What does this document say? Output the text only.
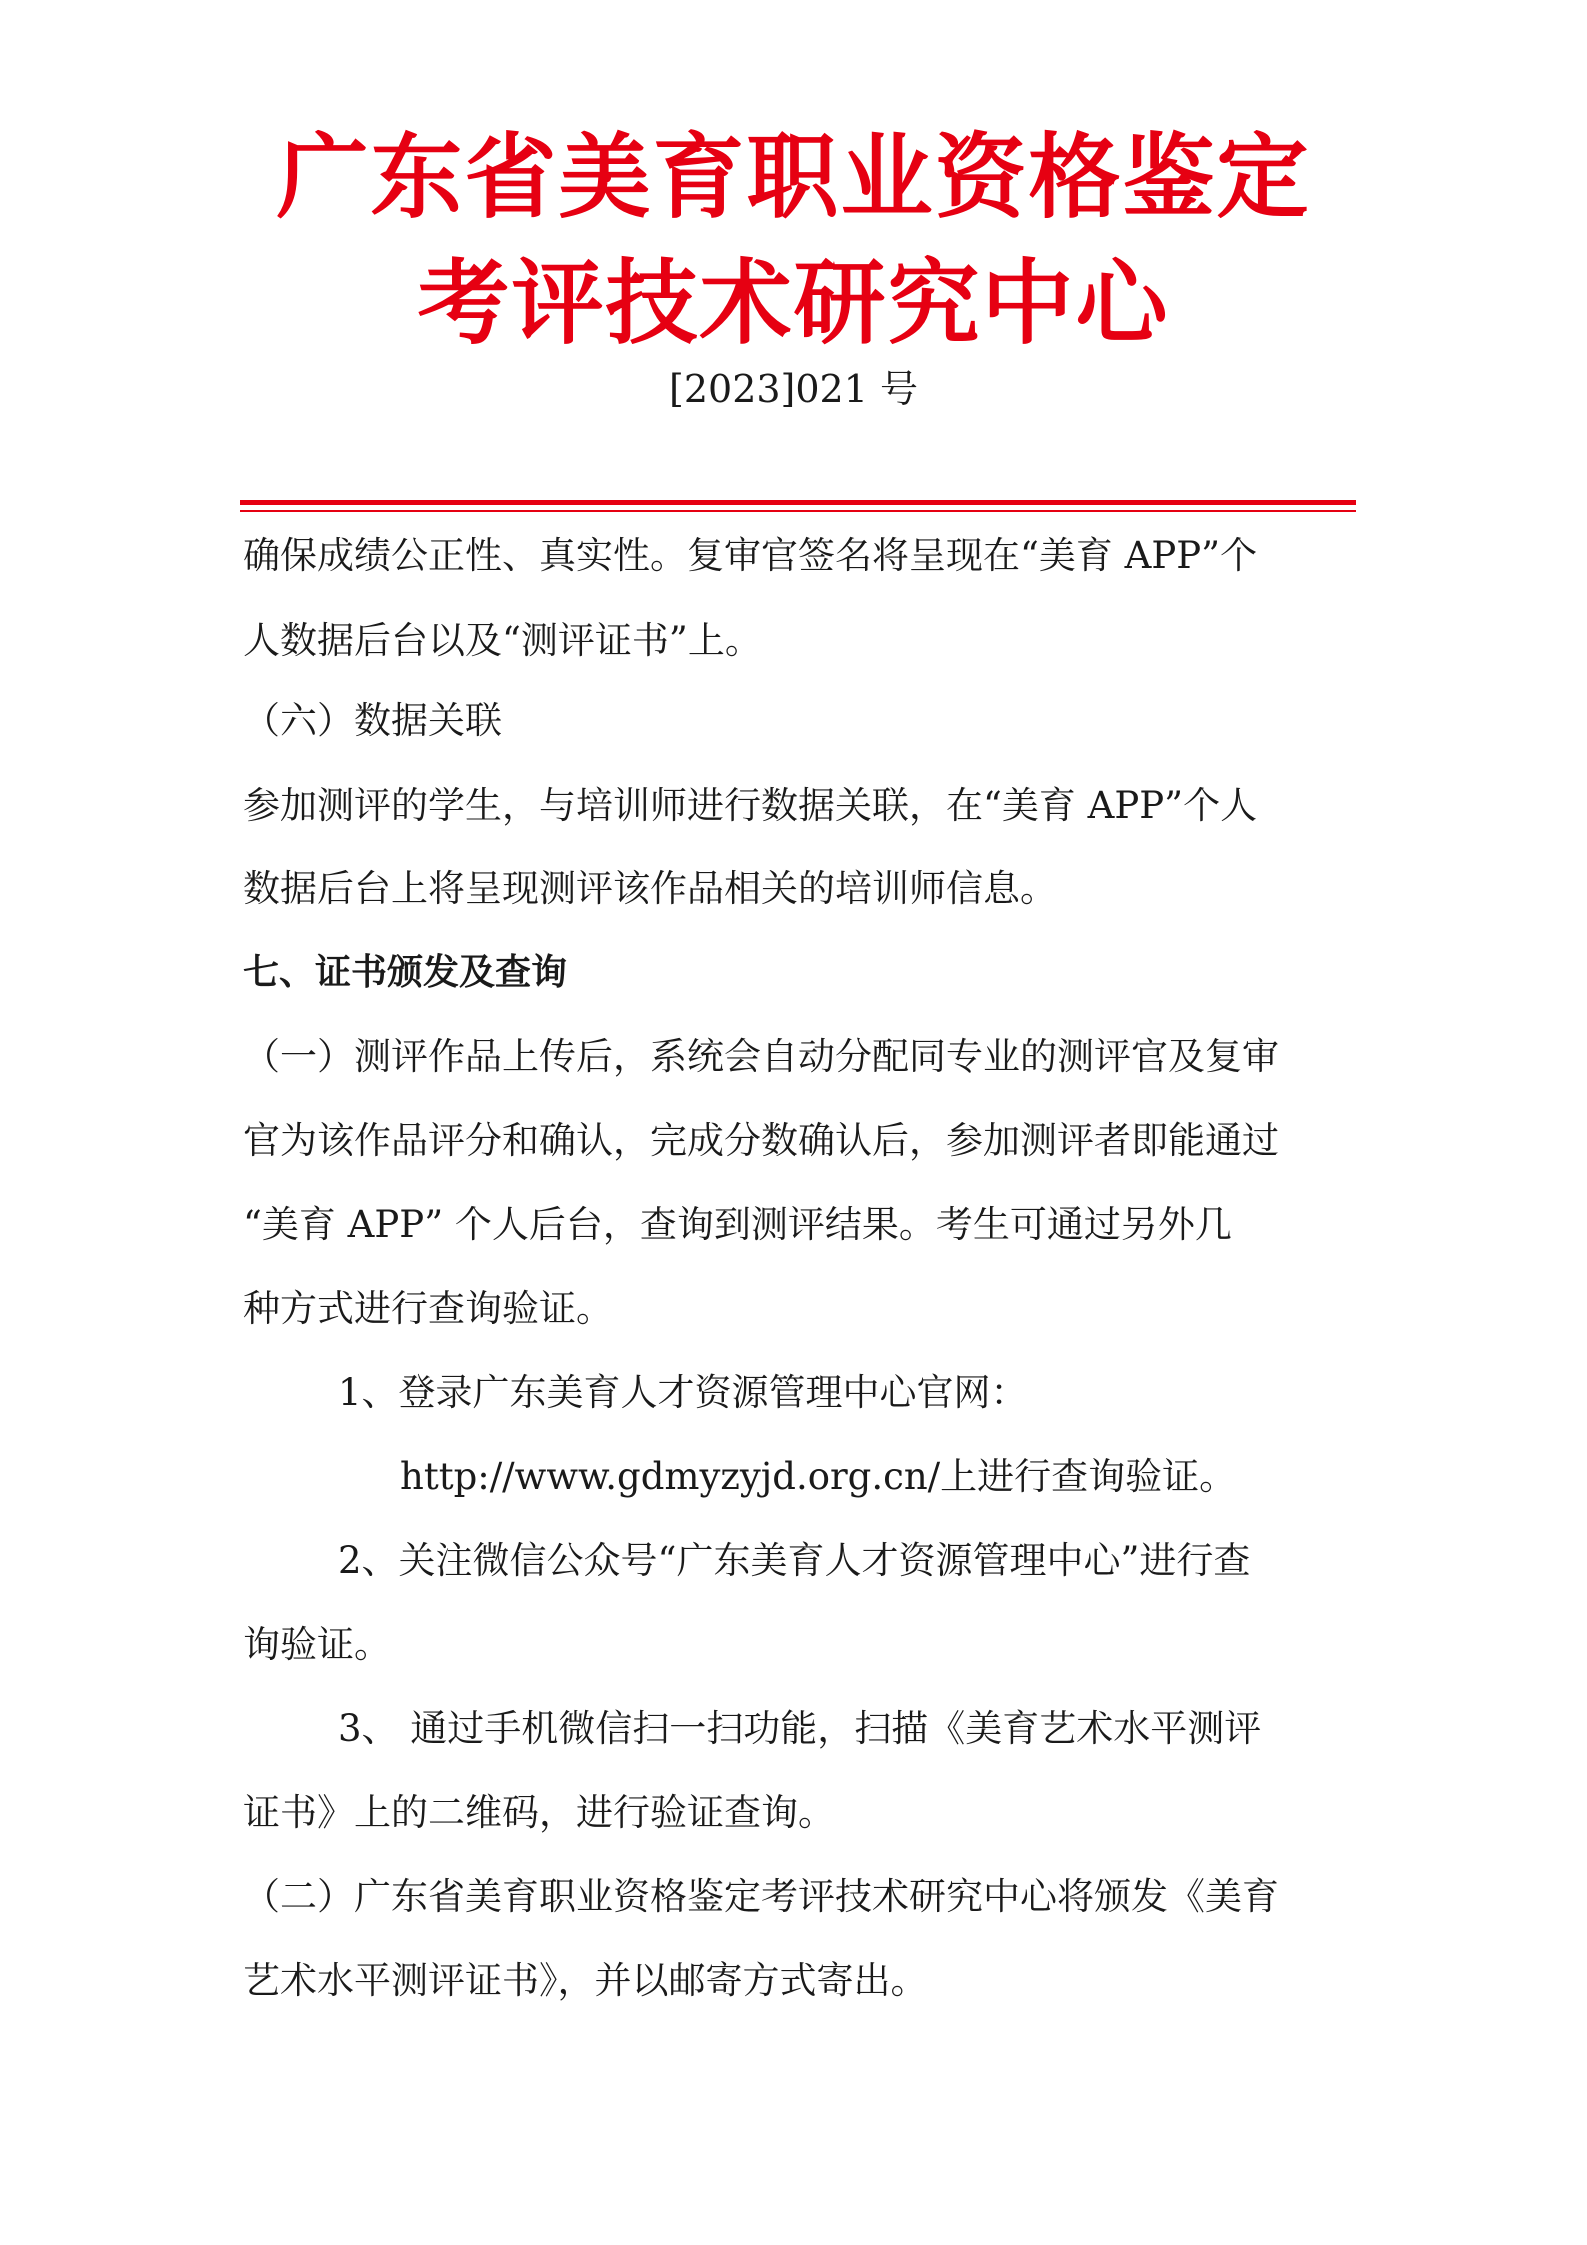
广东省美育职业资格鉴定
考评技术研究中心
[2023]021 号
确保成绩公正性、真实性。复审官签名将呈现在“美育 APP”个
人数据后台以及“测评证书”上。
（六）数据关联
参加测评的学生，与培训师进行数据关联，在“美育 APP”个人
数据后台上将呈现测评该作品相关的培训师信息。
七、证书颁发及查询
（一）测评作品上传后，系统会自动分配同专业的测评官及复审
官为该作品评分和确认，完成分数确认后，参加测评者即能通过
“美育 APP” 个人后台，查询到测评结果。考生可通过另外几
种方式进行查询验证。
1、登录广东美育人才资源管理中心官网：
http://www.gdmyzyjd.org.cn/上进行查询验证。
2、关注微信公众号“广东美育人才资源管理中心”进行查
询验证。
3、 通过手机微信扫一扫功能，扫描《美育艺术水平测评
证书》上的二维码，进行验证查询。
（二）广东省美育职业资格鉴定考评技术研究中心将颁发《美育
艺术水平测评证书》，并以邮寄方式寄出。
